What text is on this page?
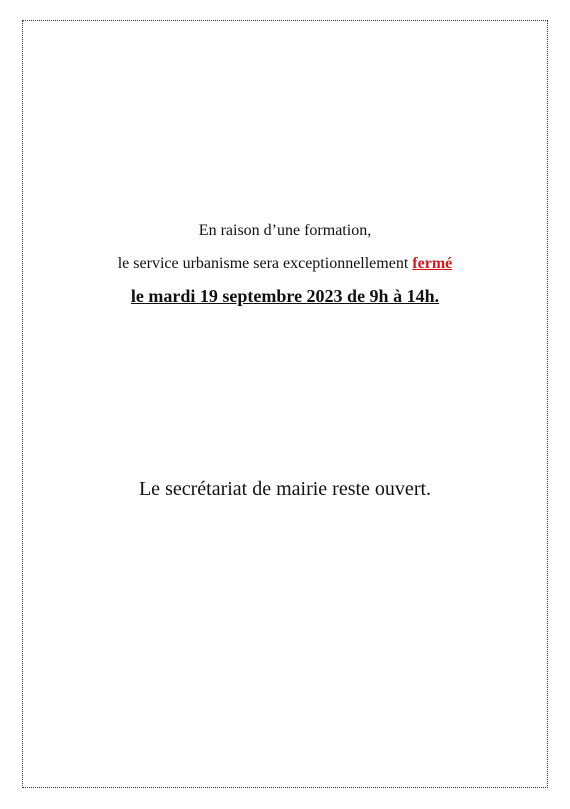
En raison d’une formation,
le service urbanisme sera exceptionnellement fermé
le mardi 19 septembre 2023 de 9h à 14h.
Le secrétariat de mairie reste ouvert.
